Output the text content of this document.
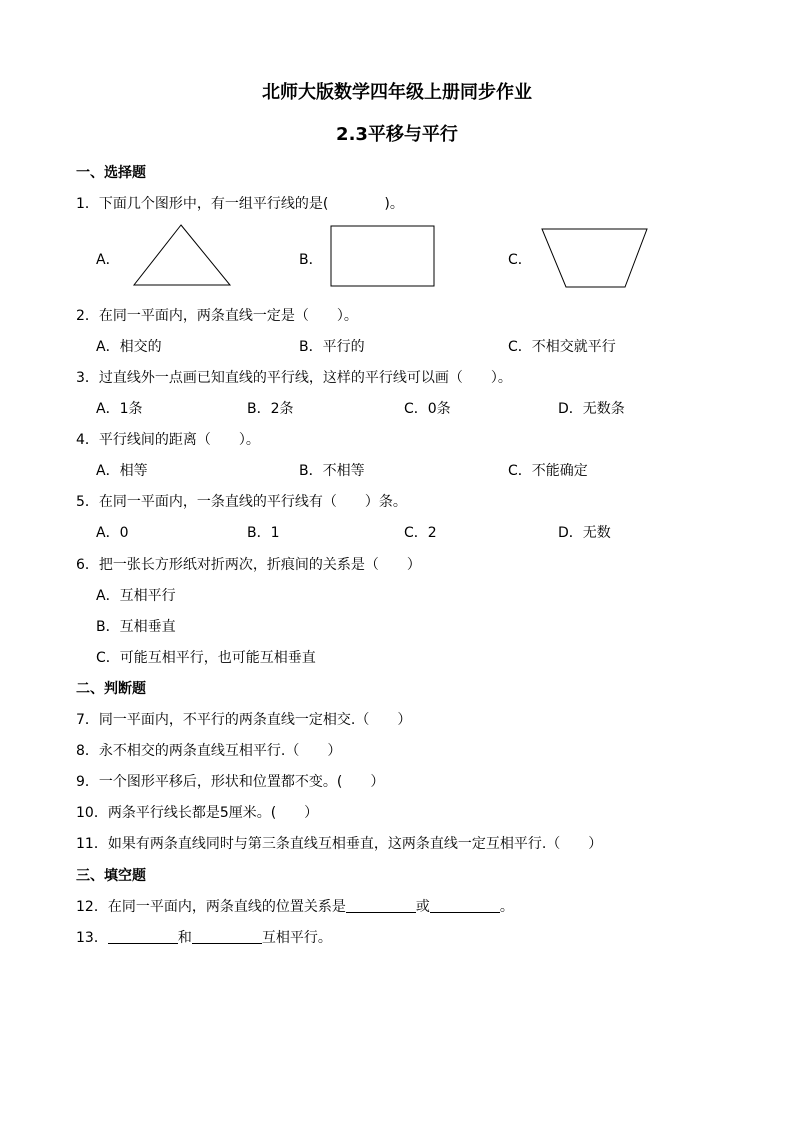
北师大版数学四年级上册同步作业
2.3平移与平行
一、选择题
1．下面几个图形中，有一组平行线的是(　　　　)。
A．	B．	C．
2．在同一平面内，两条直线一定是（　　）。
A．相交的	B．平行的	C．不相交就平行
3．过直线外一点画已知直线的平行线，这样的平行线可以画（　　）。
A．1条	B．2条	C．0条	D．无数条
4．平行线间的距离（　　）。
A．相等	B．不相等	C．不能确定
5．在同一平面内，一条直线的平行线有（　　）条。
A．0	B．1	C．2	D．无数
6．把一张长方形纸对折两次，折痕间的关系是（　　）
A．互相平行
B．互相垂直
C．可能互相平行，也可能互相垂直
二、判断题
7．同一平面内，不平行的两条直线一定相交.（　　）
8．永不相交的两条直线互相平行.（　　）
9．一个图形平移后，形状和位置都不变。(　　）
10．两条平行线长都是5厘米。(　　）
11．如果有两条直线同时与第三条直线互相垂直，这两条直线一定互相平行.（　　）
三、填空题
12．在同一平面内，两条直线的位置关系是	或	。
13．	和	互相平行。
